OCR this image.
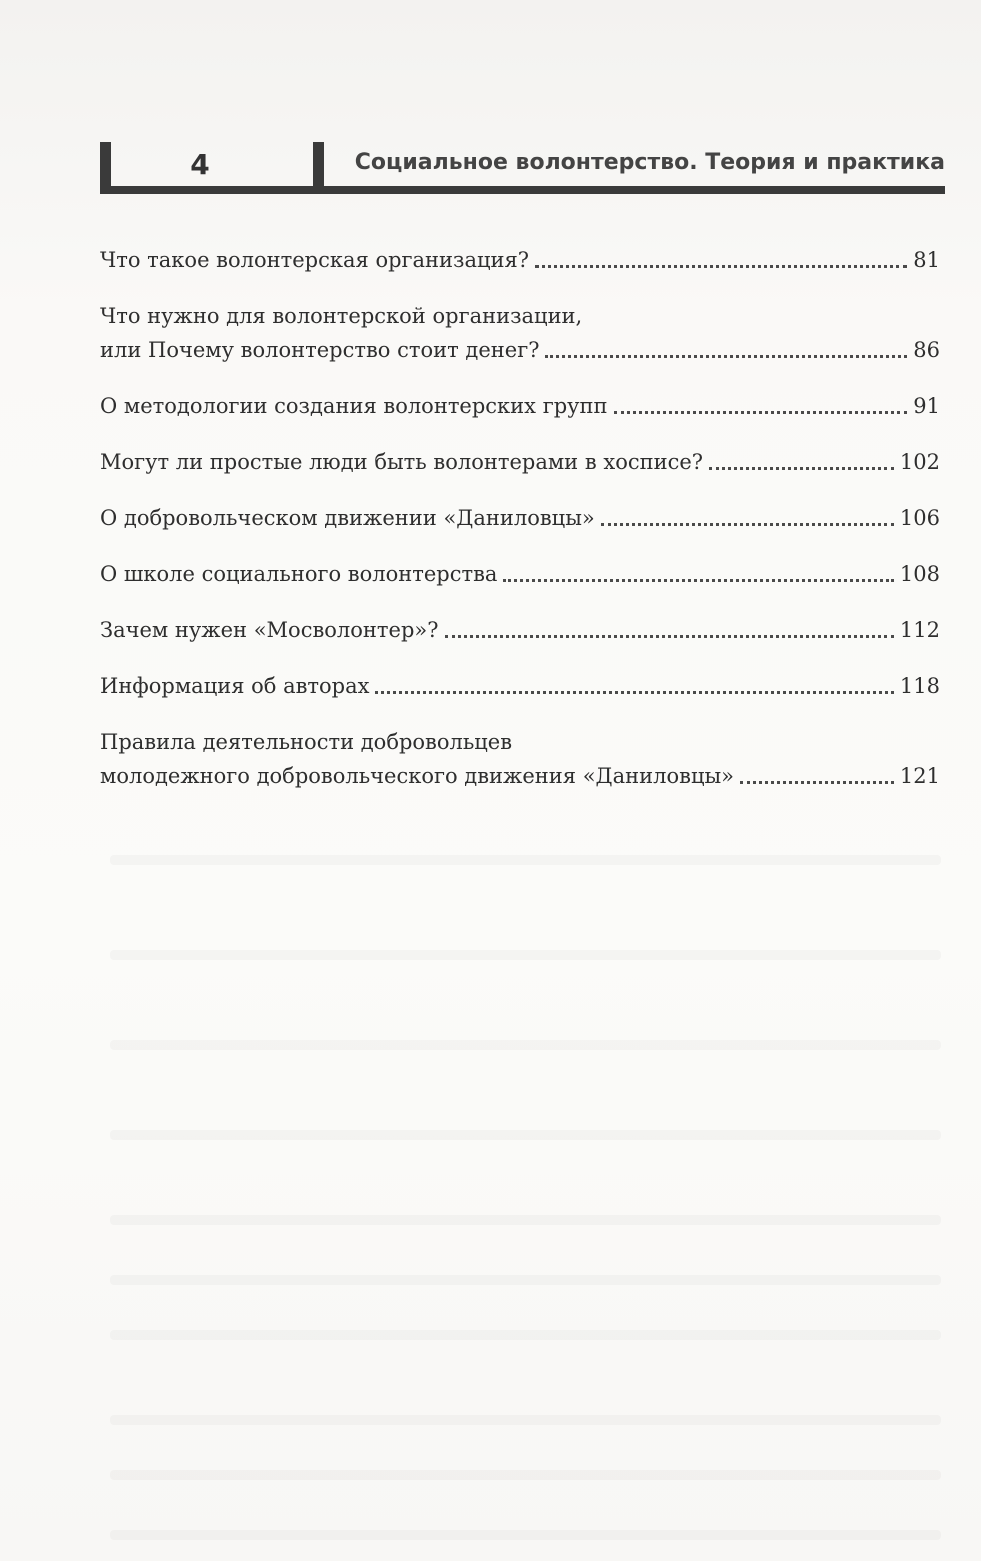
4	Социальное волонтерство. Теория и практика
Что такое волонтерская организация?	81
Что нужно для волонтерской организации,
или Почему волонтерство стоит денег?	86
О методологии создания волонтерских групп	91
Могут ли простые люди быть волонтерами в хосписе?	102
О добровольческом движении «Даниловцы»	106
О школе социального волонтерства	108
Зачем нужен «Мосволонтер»?	112
Информация об авторах	118
Правила деятельности добровольцев
молодежного добровольческого движения «Даниловцы»	121
